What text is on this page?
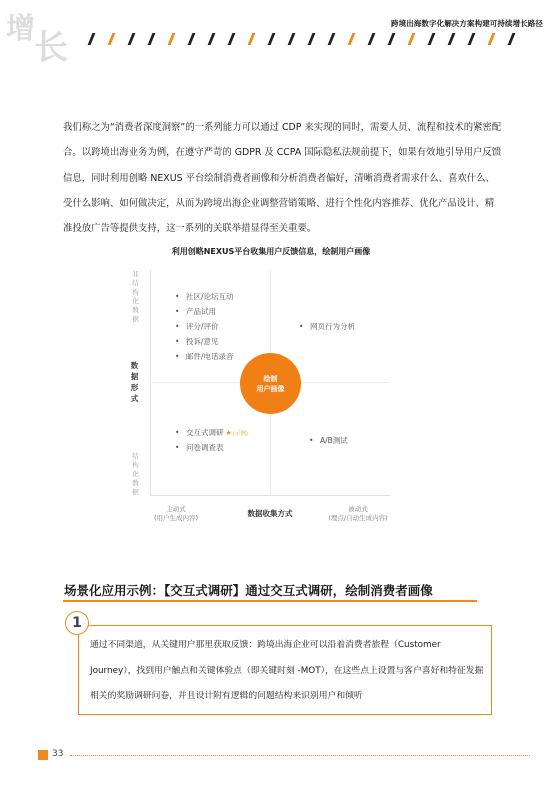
增
长
跨境出海数字化解决方案构建可持续增长路径
我们称之为“消费者深度洞察”的一系列能力可以通过 CDP 来实现的同时，需要人员、流程和技术的紧密配合。以跨境出海业务为例，在遵守严苛的 GDPR 及 CCPA 国际隐私法规前提下，如果有效地引导用户反馈信息，同时利用创略 NEXUS 平台绘制消费者画像和分析消费者偏好，清晰消费者需求什么、喜欢什么、受什么影响、如何做决定，从而为跨境出海企业调整营销策略、进行个性化内容推荐、优化产品设计、精准投放广告等提供支持，这一系列的关联举措显得至关重要。
利用创略NEXUS平台收集用户反馈信息，绘制用户画像
非结构化数据
数据形式
结构化数据
• 社区/论坛互动
• 产品试用
• 评分/评价
• 投诉/意见
• 邮件/电话录音
• 网页行为分析
• 交互式调研 ★(示例)
• 问卷调查表
• A/B测试
绘制
用户画像
主动式
(用户生成内容)	数据收集方式	被动式
(埋点/自动生成内容)
场景化应用示例：【交互式调研】通过交互式调研，绘制消费者画像
1
通过不同渠道，从关键用户那里获取反馈：跨境出海企业可以沿着消费者旅程（Customer Journey），找到用户触点和关键体验点（即关键时刻 -MOT），在这些点上设置与客户喜好和特征发掘相关的奖励调研问卷，并且设计附有逻辑的问题结构来识别用户和倾听
33
